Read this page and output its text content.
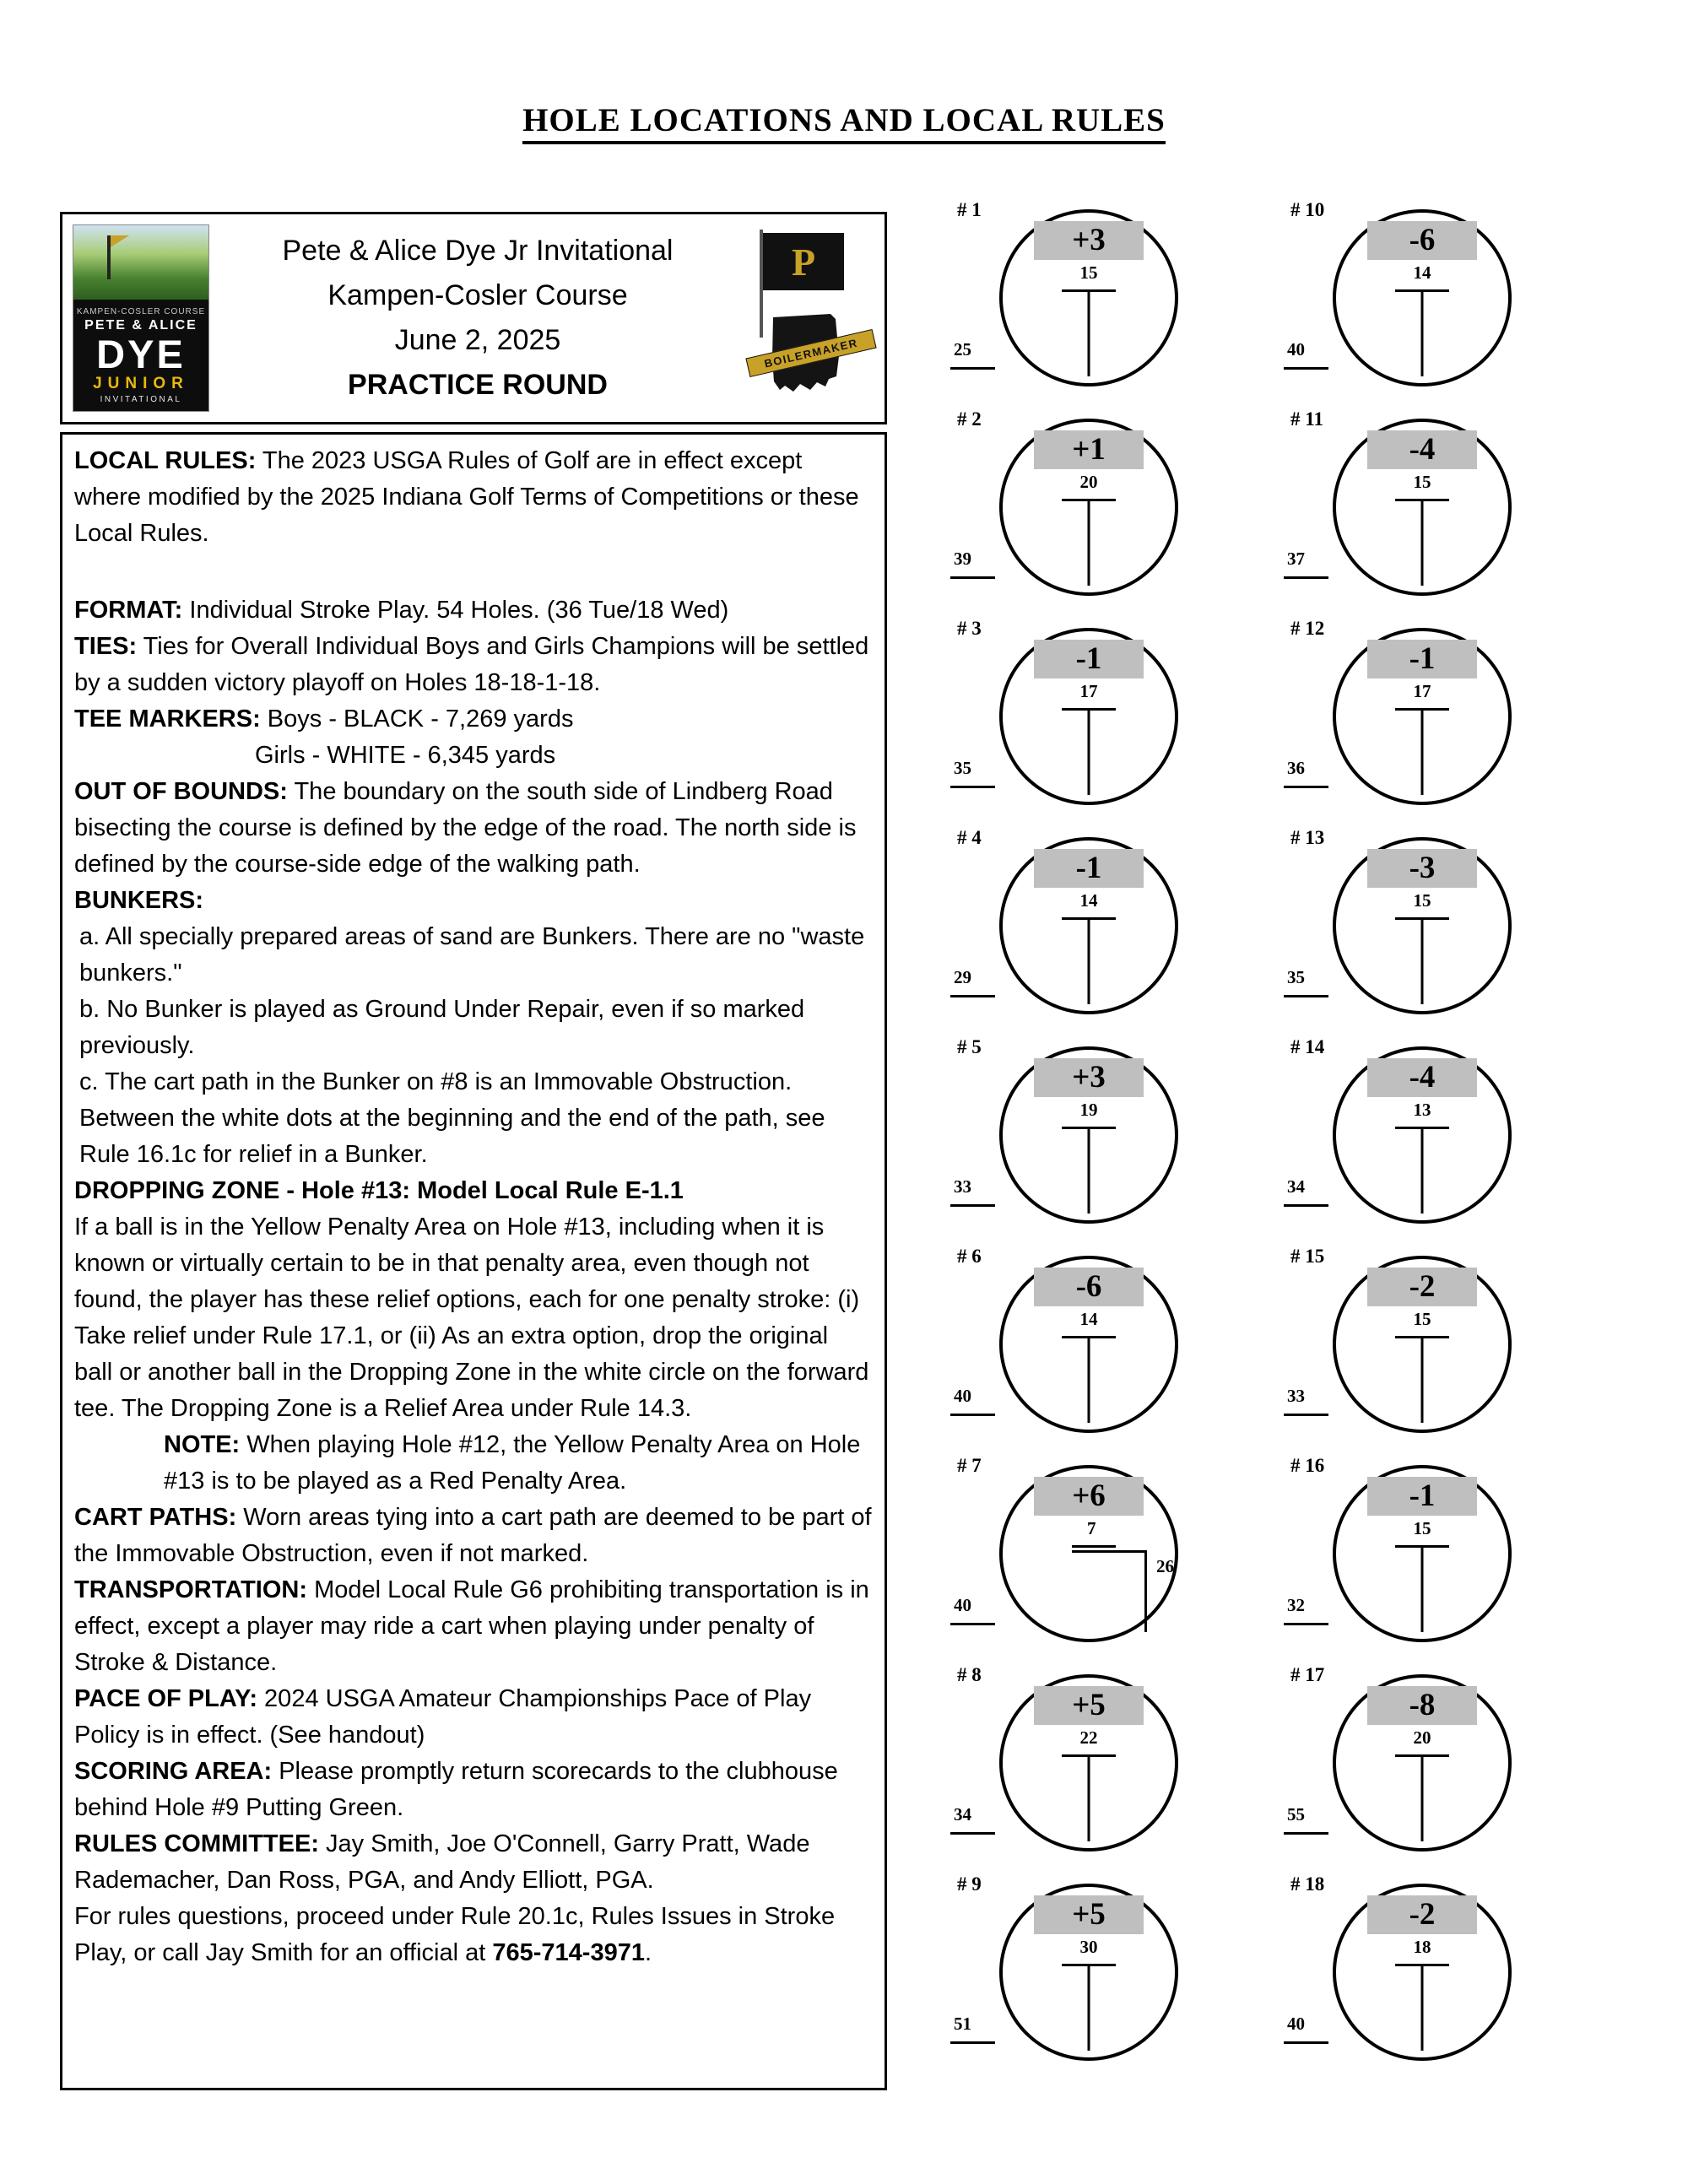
HOLE LOCATIONS AND LOCAL RULES
KAMPEN-COSLER COURSE
PETE & ALICE
DYE
JUNIOR
INVITATIONAL
Pete & Alice Dye Jr Invitational
Kampen-Cosler Course
June 2, 2025
PRACTICE ROUND
P
BOILERMAKER

LOCAL RULES: The 2023 USGA Rules of Golf are in effect except where modified by the 2025 Indiana Golf Terms of Competitions or these Local Rules.

FORMAT: Individual Stroke Play. 54 Holes. (36 Tue/18 Wed)

TIES: Ties for Overall Individual Boys and Girls Champions will be settled by a sudden victory playoff on Holes 18-18-1-18.

TEE MARKERS: Boys - BLACK - 7,269 yards

Girls - WHITE - 6,345 yards

OUT OF BOUNDS: The boundary on the south side of Lindberg Road bisecting the course is defined by the edge of the road. The north side is defined by the course-side edge of the walking path.

BUNKERS:

a. All specially prepared areas of sand are Bunkers. There are no "waste bunkers."

b. No Bunker is played as Ground Under Repair, even if so marked previously.

c. The cart path in the Bunker on #8 is an Immovable Obstruction. Between the white dots at the beginning and the end of the path, see Rule 16.1c for relief in a Bunker.

DROPPING ZONE - Hole #13: Model Local Rule E-1.1

If a ball is in the Yellow Penalty Area on Hole #13, including when it is known or virtually certain to be in that penalty area, even though not found, the player has these relief options, each for one penalty stroke: (i) Take relief under Rule 17.1, or (ii) As an extra option, drop the original ball or another ball in the Dropping Zone in the white circle on the forward tee. The Dropping Zone is a Relief Area under Rule 14.3.

NOTE: When playing Hole #12, the Yellow Penalty Area on Hole #13 is to be played as a Red Penalty Area.

CART PATHS: Worn areas tying into a cart path are deemed to be part of the Immovable Obstruction, even if not marked.

TRANSPORTATION: Model Local Rule G6 prohibiting transportation is in effect, except a player may ride a cart when playing under penalty of Stroke & Distance.

PACE OF PLAY: 2024 USGA Amateur Championships Pace of Play Policy is in effect. (See handout)

SCORING AREA: Please promptly return scorecards to the clubhouse behind Hole #9 Putting Green.

RULES COMMITTEE: Jay Smith, Joe O'Connell, Garry Pratt, Wade Rademacher, Dan Ross, PGA, and Andy Elliott, PGA.

For rules questions, proceed under Rule 20.1c, Rules Issues in Stroke Play, or call Jay Smith for an official at 765-714-3971.

# 1
+3
15
25
# 2
+1
20
39
# 3
-1
17
35
# 4
-1
14
29
# 5
+3
19
33
# 6
-6
14
40
# 7
+6
7
26
40
# 8
+5
22
34
# 9
+5
30
51
# 10
-6
14
40
# 11
-4
15
37
# 12
-1
17
36
# 13
-3
15
35
# 14
-4
13
34
# 15
-2
15
33
# 16
-1
15
32
# 17
-8
20
55
# 18
-2
18
40
